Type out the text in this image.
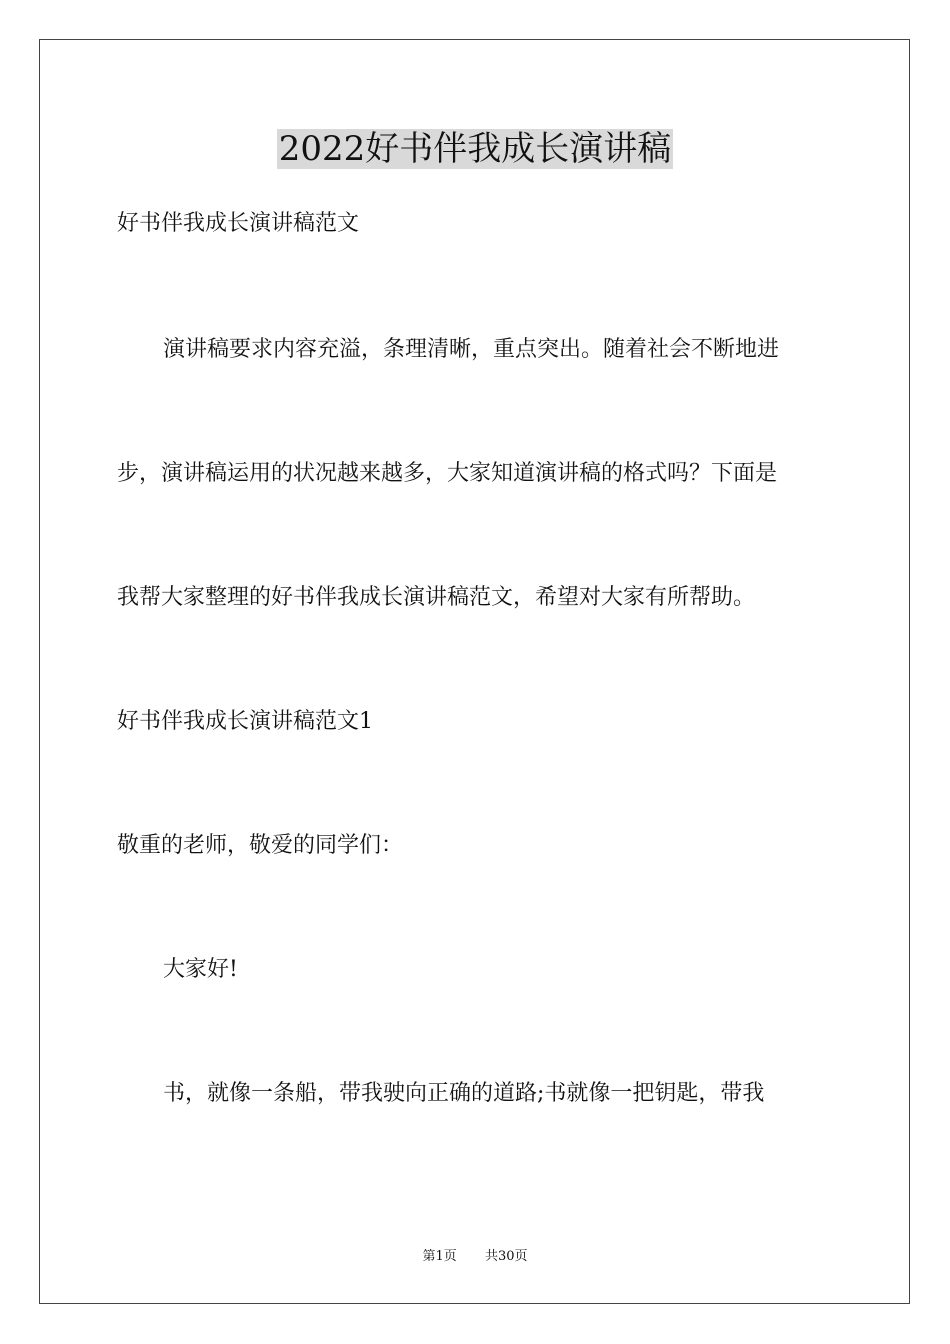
2022好书伴我成长演讲稿
好书伴我成长演讲稿范文
演讲稿要求内容充溢，条理清晰，重点突出。随着社会不断地进
步，演讲稿运用的状况越来越多，大家知道演讲稿的格式吗？下面是
我帮大家整理的好书伴我成长演讲稿范文，希望对大家有所帮助。
好书伴我成长演讲稿范文1
敬重的老师，敬爱的同学们：
大家好!
书，就像一条船，带我驶向正确的道路;书就像一把钥匙，带我
第1页 共30页
